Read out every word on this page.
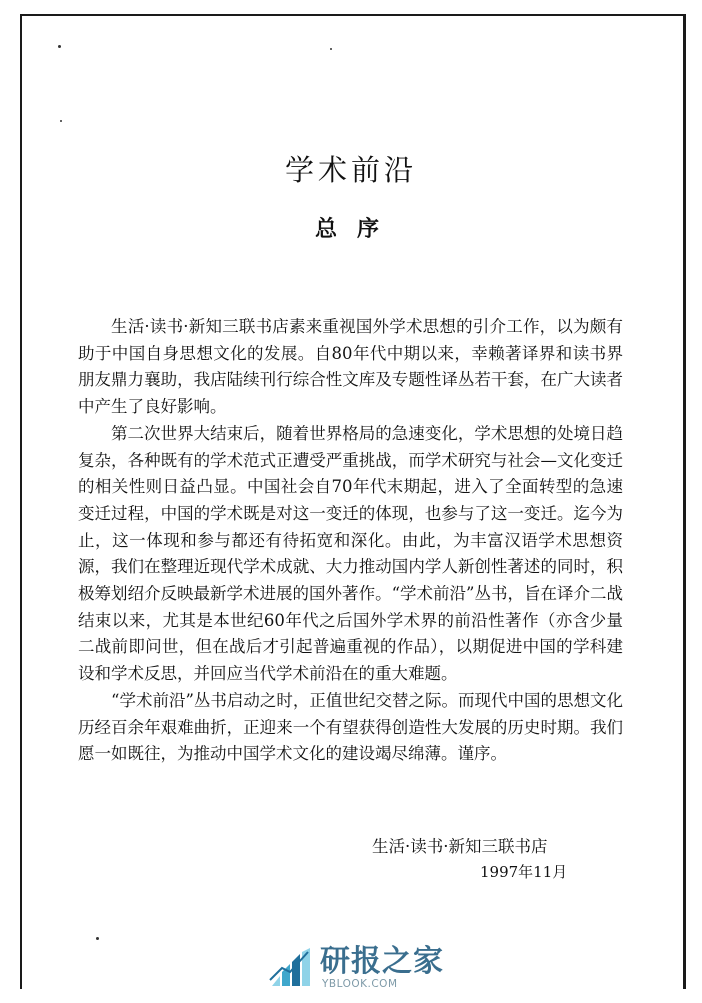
学术前沿
总序

生活·读书·新知三联书店素来重视国外学术思想的引介工作，以为颇有助于中国自身思想文化的发展。自80年代中期以来，幸赖著译界和读书界朋友鼎力襄助，我店陆续刊行综合性文库及专题性译丛若干套，在广大读者中产生了良好影响。

第二次世界大结束后，随着世界格局的急速变化，学术思想的处境日趋复杂，各种既有的学术范式正遭受严重挑战，而学术研究与社会—文化变迁的相关性则日益凸显。中国社会自70年代末期起，进入了全面转型的急速变迁过程，中国的学术既是对这一变迁的体现，也参与了这一变迁。迄今为止，这一体现和参与都还有待拓宽和深化。由此，为丰富汉语学术思想资源，我们在整理近现代学术成就、大力推动国内学人新创性著述的同时，积极筹划绍介反映最新学术进展的国外著作。“学术前沿”丛书，旨在译介二战结束以来，尤其是本世纪60年代之后国外学术界的前沿性著作（亦含少量二战前即问世，但在战后才引起普遍重视的作品），以期促进中国的学科建设和学术反思，并回应当代学术前沿在的重大难题。

“学术前沿”丛书启动之时，正值世纪交替之际。而现代中国的思想文化历经百余年艰难曲折，正迎来一个有望获得创造性大发展的历史时期。我们愿一如既往，为推动中国学术文化的建设竭尽绵薄。谨序。

生活·读书·新知三联书店
1997年11月
研报之家
YBLOOK.COM
